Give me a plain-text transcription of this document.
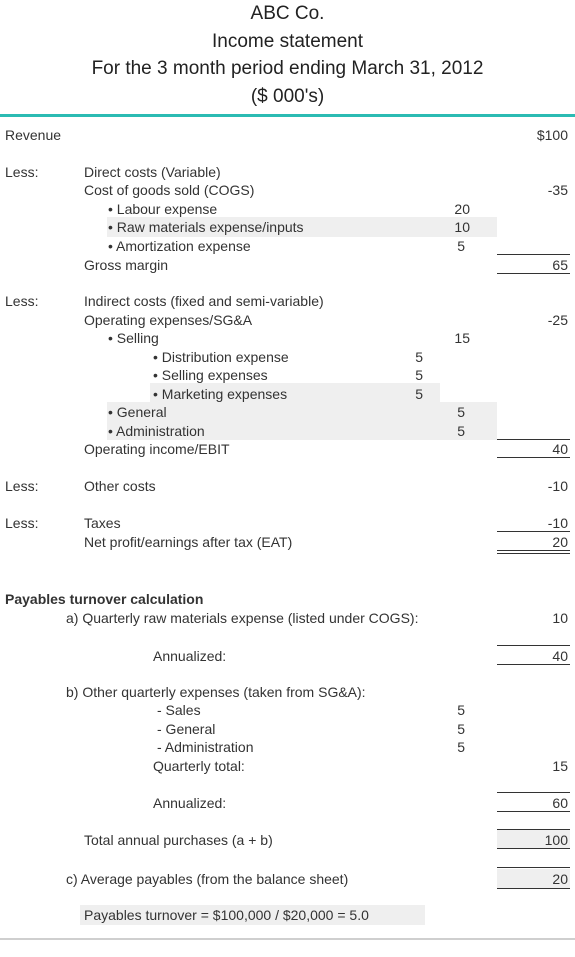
ABC Co.
Income statement
For the 3 month period ending March 31, 2012
($ 000's)
Revenue	$100
Less:	Direct costs (Variable)
Cost of goods sold (COGS)	-35
• Labour expense	20
• Raw materials expense/inputs	10
• Amortization expense	5
Gross margin	65
Less:	Indirect costs (fixed and semi-variable)
Operating expenses/SG&A	-25
• Selling	15
• Distribution expense	5
• Selling expenses	5
• Marketing expenses	5
• General	5
• Administration	5
Operating income/EBIT	40
Less:	Other costs	-10
Less:	Taxes	-10
Net profit/earnings after tax (EAT)	20
Payables turnover calculation
a) Quarterly raw materials expense (listed under COGS):	10
Annualized:	40
b) Other quarterly expenses (taken from SG&A):
- Sales	5
- General	5
- Administration	5
Quarterly total:	15
Annualized:	60
Total annual purchases (a + b)	100
c) Average payables (from the balance sheet)	20
Payables turnover = $100,000 / $20,000 = 5.0
